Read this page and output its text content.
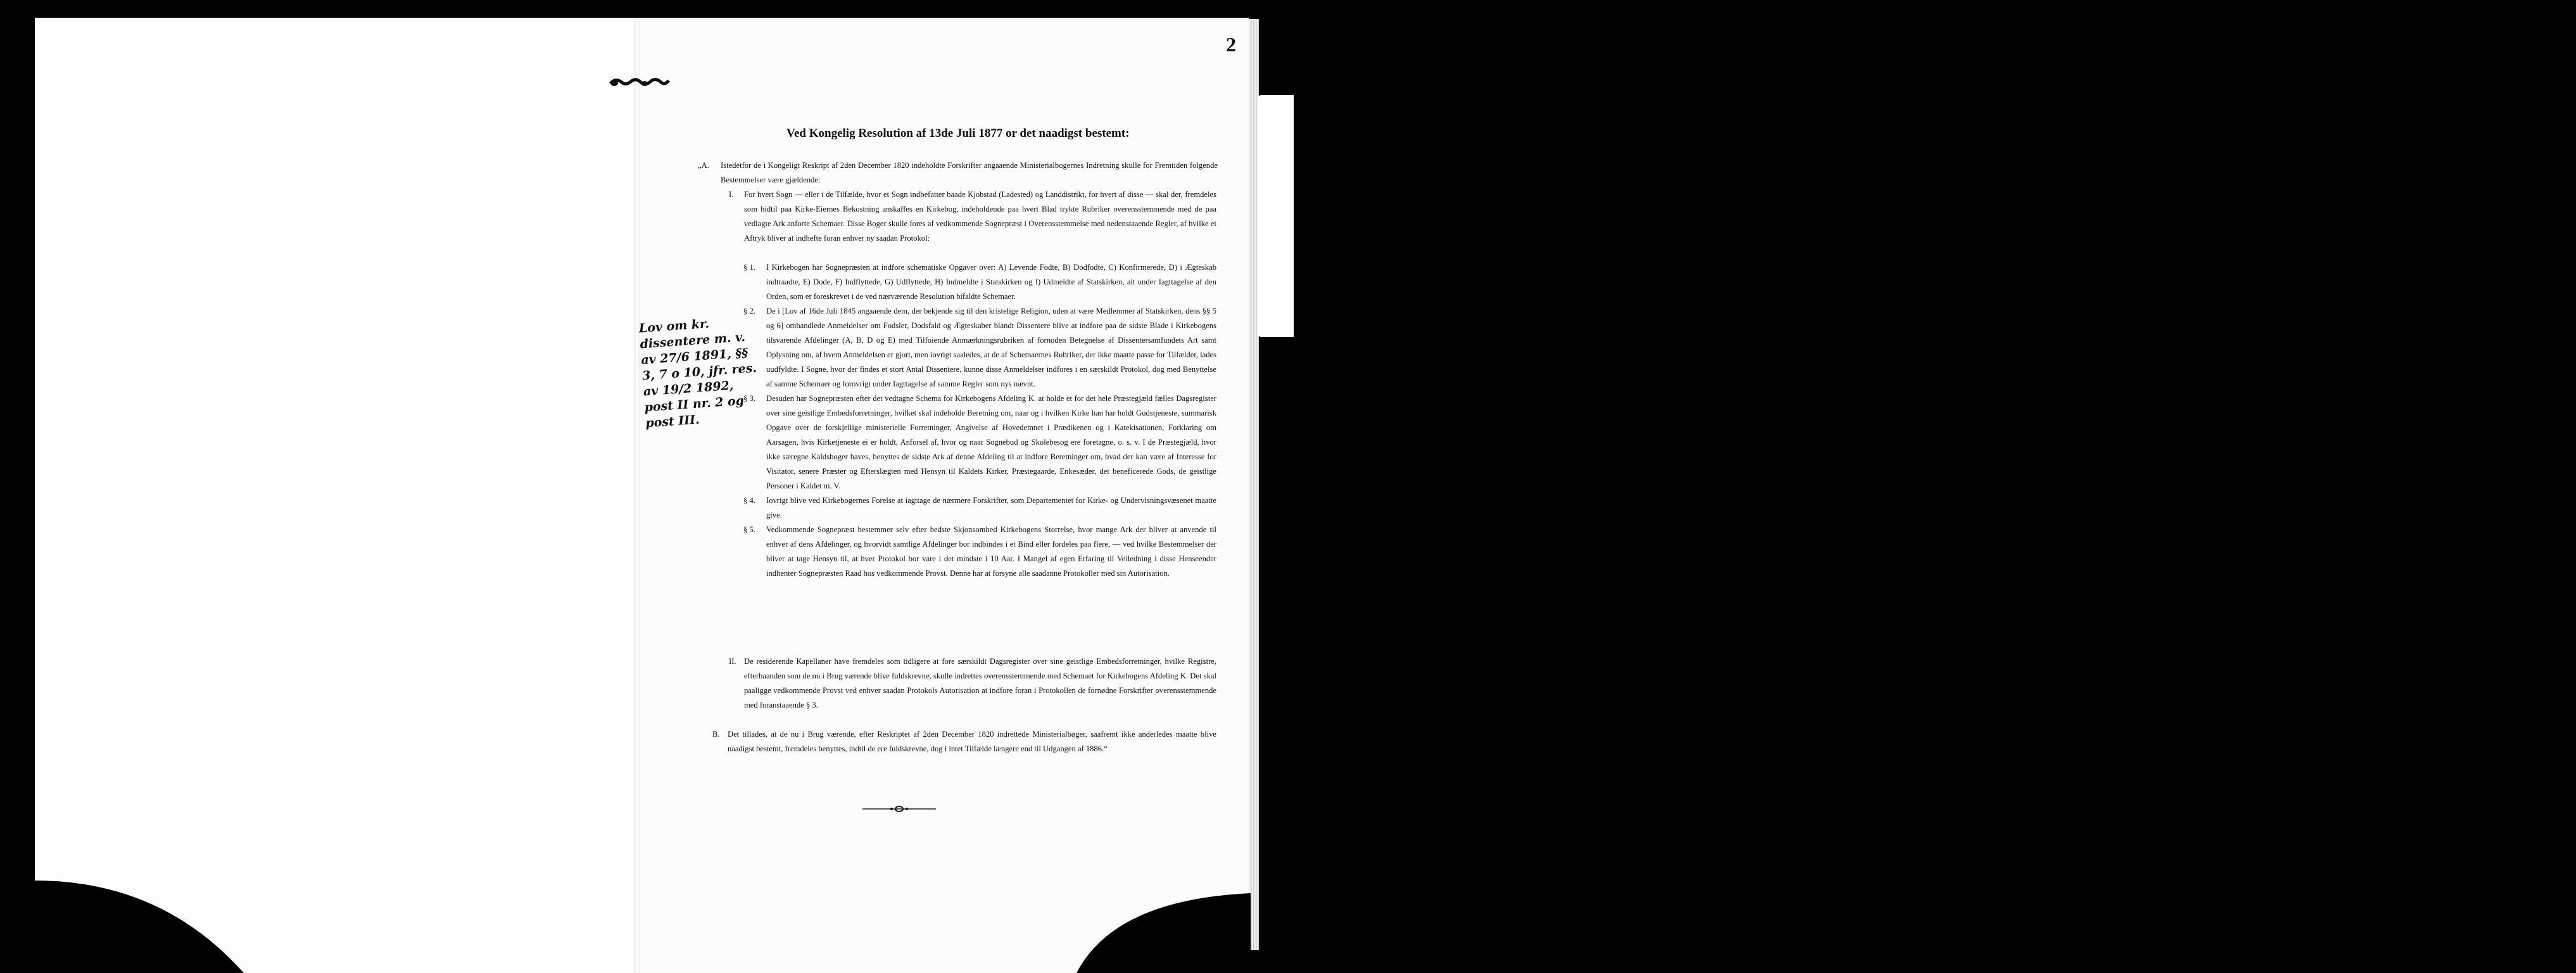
Faded Document
2
Ved Kongelig Resolution af 13de Juli 1877 or det naadigst bestemt:
„A. Istedetfor de i Kongeligt Reskript af 2den December 1820 indeholdte Forskrifter angaaende Ministerialbogernes Indretning skulle for Fremtiden folgende Bestemmelser være gjældende:
I. For hvert Sogn — eller i de Tilfælde, hvor et Sogn indbefatter baade Kjobstad (Ladested) og Landdistrikt, for hvert af disse — skal der, fremdeles som hidtil paa Kirke-Eiernes Bekostning anskaffes en Kirkebog, indeholdende paa hvert Blad trykte Rubriker overensstemmende med de paa vedlagte Ark anforte Schemaer. Disse Boger skulle fores af vedkommende Sognepræst i Overensstemmelse med nedenstaaende Regler, af hvilke et Aftryk bliver at indhefte foran enhver ny saadan Protokol:
§ 1. I Kirkebogen har Sognepræsten at indfore schematiske Opgaver over: A) Levende Fodte, B) Dodfodte, C) Konfirmerede, D) i Ægteskab indtraadte, E) Dode, F) Indflyttede, G) Udflyttede, H) Indmeldte i Statskirken og I) Udmeldte af Statskirken, alt under Iagttagelse af den Orden, som er foreskrevet i de ved nærværende Resolution bifaldte Schemaer.
§ 2. De i [Lov af 16de Juli 1845 angaaende dem, der bekjende sig til den kristelige Religion, uden at være Medlemmer af Statskirken, dens §§ 5 og 6] omhandlede Anmeldelser om Fodsler, Dodsfald og Ægteskaber blandt Dissentere blive at indfore paa de sidste Blade i Kirkebogens tilsvarende Afdelinger (A, B, D og E) med Tilfoiende Anmærkningsrubriken af fornoden Betegnelse af Dissentersamfundets Art samt Oplysning om, af hvem Anmeldelsen er gjort, men iovrigt saaledes, at de af Schemaernes Rubriker, der ikke maatte passe for Tilfældet, lades uudfyldte. I Sogne, hvor der findes et stort Antal Dissentere, kunne disse Anmeldelser indfores i en særskildt Protokol, dog med Benyttelse af samme Schemaer og forovrigt under Iagttagelse af samme Regler som nys nævnt.
§ 3. Desuden har Sognepræsten efter det vedtagne Schema for Kirkebogens Afdeling K. at holde et for det hele Præstegjæld fælles Dagsregister over sine geistlige Embedsforretninger, hvilket skal indeholde Beretning om, naar og i hvilken Kirke han har holdt Gudstjeneste, summarisk Opgave over de forskjellige ministerielle Forretninger, Angivelse af Hovedemnet i Prædikenen og i Katekisationen, Forklaring om Aarsagen, hvis Kirketjeneste ei er holdt, Anforsel af, hvor og naar Sognebud og Skolebesog ere foretagne, o. s. v. I de Præstegjæld, hvor ikke særegne Kaldsboger haves, benyttes de sidste Ark af denne Afdeling til at indfore Beretninger om, hvad der kan være af Interesse for Visitator, senere Præster og Efterslægten med Hensyn til Kaldets Kirker, Præstegaarde, Enkesæder, det beneficerede Gods, de geistlige Personer i Kaldet m. V.
§ 4. Iovrigt blive ved Kirkebogernes Forelse at iagttage de nærmere Forskrifter, som Departementet for Kirke- og Undervisningsvæsenet maatte give.
§ 5. Vedkommende Sognepræst bestemmer selv efter bedste Skjonsomhed Kirkebogens Storrelse, hvor mange Ark der bliver at anvende til enhver af dens Afdelinger, og hvorvidt samtlige Afdelinger bor indbindes i et Bind eller fordeles paa flere, — ved hvilke Bestemmelser der bliver at tage Hensyn til, at hver Protokol bor vare i det mindste i 10 Aar. I Mangel af egen Erfaring til Veiledning i disse Henseender indhenter Sognepræsten Raad hos vedkommende Provst. Denne har at forsyne alle saadanne Protokoller med sin Autorisation.
II. De residerende Kapellaner have fremdeles som tidligere at fore særskildt Dagsregister over sine geistlige Embedsforretninger, hvilke Registre, efterhaanden som de nu i Brug værende blive fuldskrevne, skulle indrettes overensstemmende med Schemaet for Kirkebogens Afdeling K. Det skal paaligge vedkommende Provst ved enhver saadan Protokols Autorisation at indfore foran i Protokollen de fornødne Forskrifter overensstemmende med foranstaaende § 3.
B. Det tillades, at de nu i Brug værende, efter Reskriptet af 2den December 1820 indrettede Ministerialbøger, saafremt ikke anderledes maatte blive naadigst bestemt, fremdeles benyttes, indtil de ere fuldskrevne, dog i intet Tilfælde længere end til Udgangen af 1886.“
Lov om kr. dissentere m. v. av 27/6 1891, §§ 3, 7 o 10, jfr. res. av 19/2 1892, post II nr. 2 og post III.
